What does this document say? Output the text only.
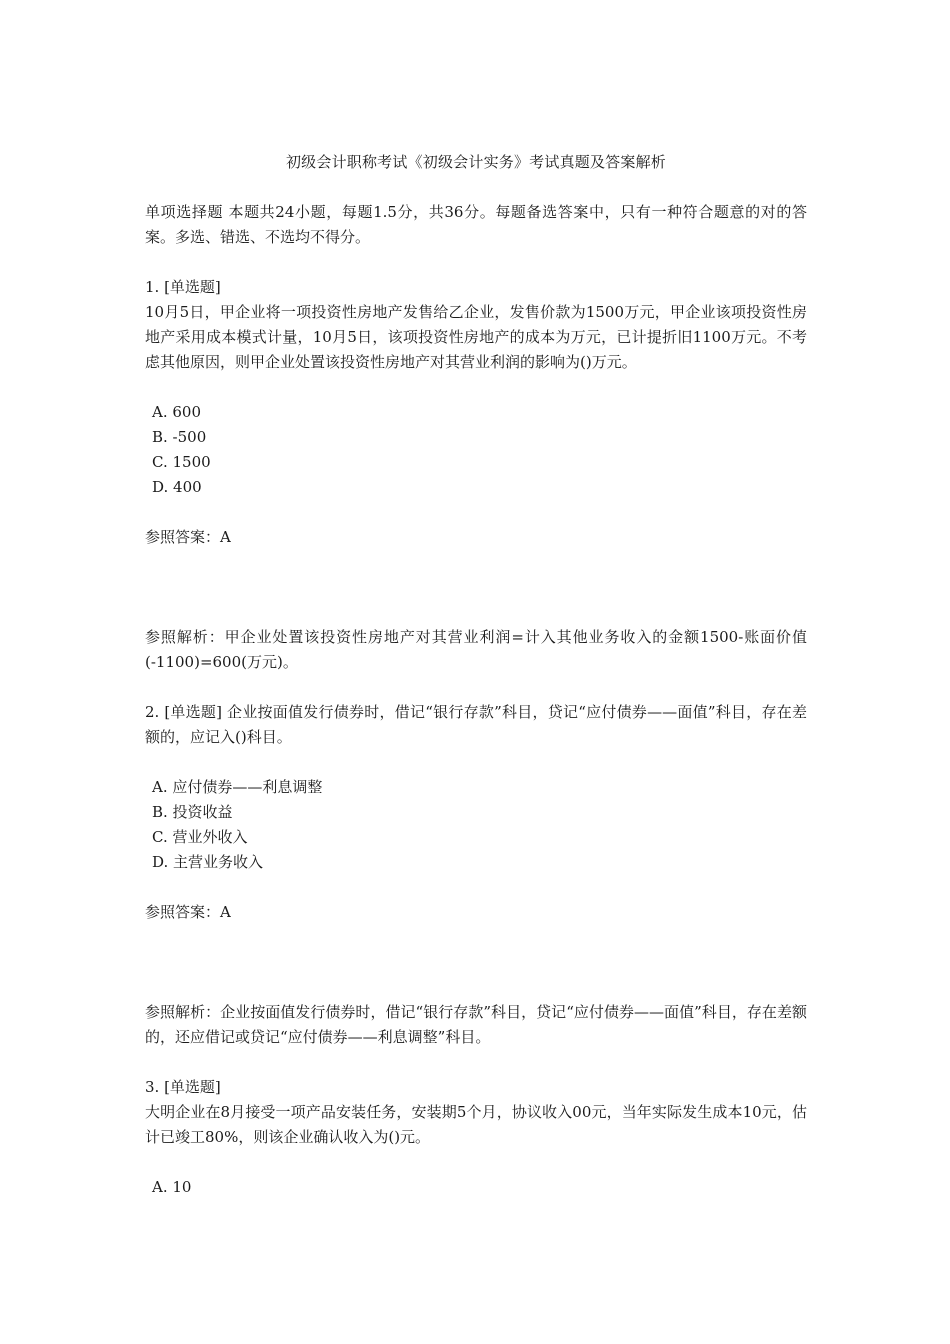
初级会计职称考试《初级会计实务》考试真题及答案解析

单项选择题 本题共24小题，每题1.5分，共36分。每题备选答案中，只有一种符合题意的对的答案。多选、错选、不选均不得分。

1. [单选题]

10月5日，甲企业将一项投资性房地产发售给乙企业，发售价款为1500万元，甲企业该项投资性房地产采用成本模式计量，10月5日，该项投资性房地产的成本为万元，已计提折旧1100万元。不考虑其他原因，则甲企业处置该投资性房地产对其营业利润的影响为()万元。

A. 600
B. -500
C. 1500
D. 400

参照答案：A

参照解析：甲企业处置该投资性房地产对其营业利润=计入其他业务收入的金额1500-账面价值(-1100)=600(万元)。

2. [单选题] 企业按面值发行债券时，借记“银行存款”科目，贷记“应付债券——面值”科目，存在差额的，应记入()科目。

A. 应付债券——利息调整
B. 投资收益
C. 营业外收入
D. 主营业务收入

参照答案：A

参照解析：企业按面值发行债券时，借记“银行存款”科目，贷记“应付债券——面值”科目，存在差额的，还应借记或贷记“应付债券——利息调整”科目。

3. [单选题]

大明企业在8月接受一项产品安装任务，安装期5个月，协议收入00元，当年实际发生成本10元，估计已竣工80%，则该企业确认收入为()元。

A. 10
